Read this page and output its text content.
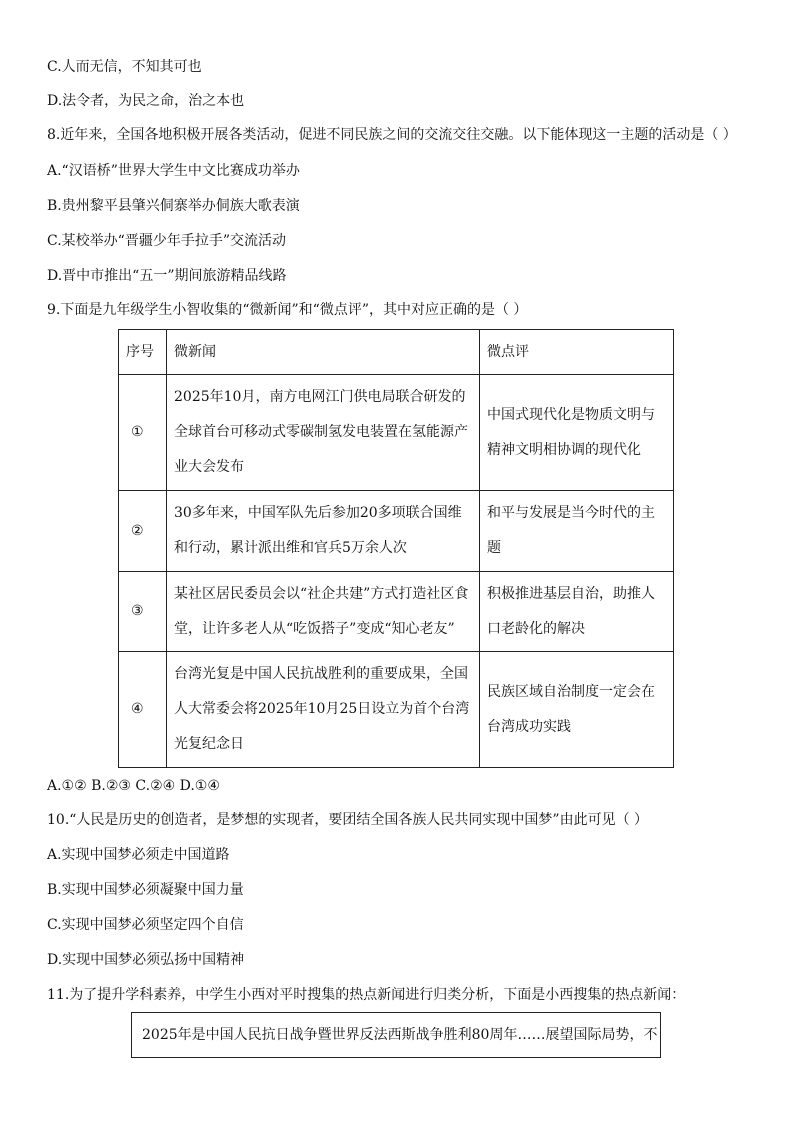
C.人而无信，不知其可也
D.法令者，为民之命，治之本也
8.近年来，全国各地积极开展各类活动，促进不同民族之间的交流交往交融。以下能体现这一主题的活动是（ ）
A.“汉语桥”世界大学生中文比赛成功举办
B.贵州黎平县肇兴侗寨举办侗族大歌表演
C.某校举办“晋疆少年手拉手”交流活动
D.晋中市推出“五一”期间旅游精品线路
9.下面是九年级学生小智收集的“微新闻”和“微点评”，其中对应正确的是（ ）
序号	微新闻	微点评
①	2025年10月，南方电网江门供电局联合研发的全球首台可移动式零碳制氢发电装置在氢能源产业大会发布	中国式现代化是物质文明与精神文明相协调的现代化
②	30多年来，中国军队先后参加20多项联合国维和行动，累计派出维和官兵5万余人次	和平与发展是当今时代的主题
③	某社区居民委员会以“社企共建”方式打造社区食堂，让许多老人从“吃饭搭子”变成“知心老友”	积极推进基层自治，助推人口老龄化的解决
④	台湾光复是中国人民抗战胜利的重要成果，全国人大常委会将2025年10月25日设立为首个台湾光复纪念日	民族区域自治制度一定会在台湾成功实践
A.①② B.②③ C.②④ D.①④
10.“人民是历史的创造者，是梦想的实现者，要团结全国各族人民共同实现中国梦”由此可见（ ）
A.实现中国梦必须走中国道路
B.实现中国梦必须凝聚中国力量
C.实现中国梦必须坚定四个自信
D.实现中国梦必须弘扬中国精神
11.为了提升学科素养，中学生小西对平时搜集的热点新闻进行归类分析，下面是小西搜集的热点新闻：
2025年是中国人民抗日战争暨世界反法西斯战争胜利80周年……展望国际局势，不
